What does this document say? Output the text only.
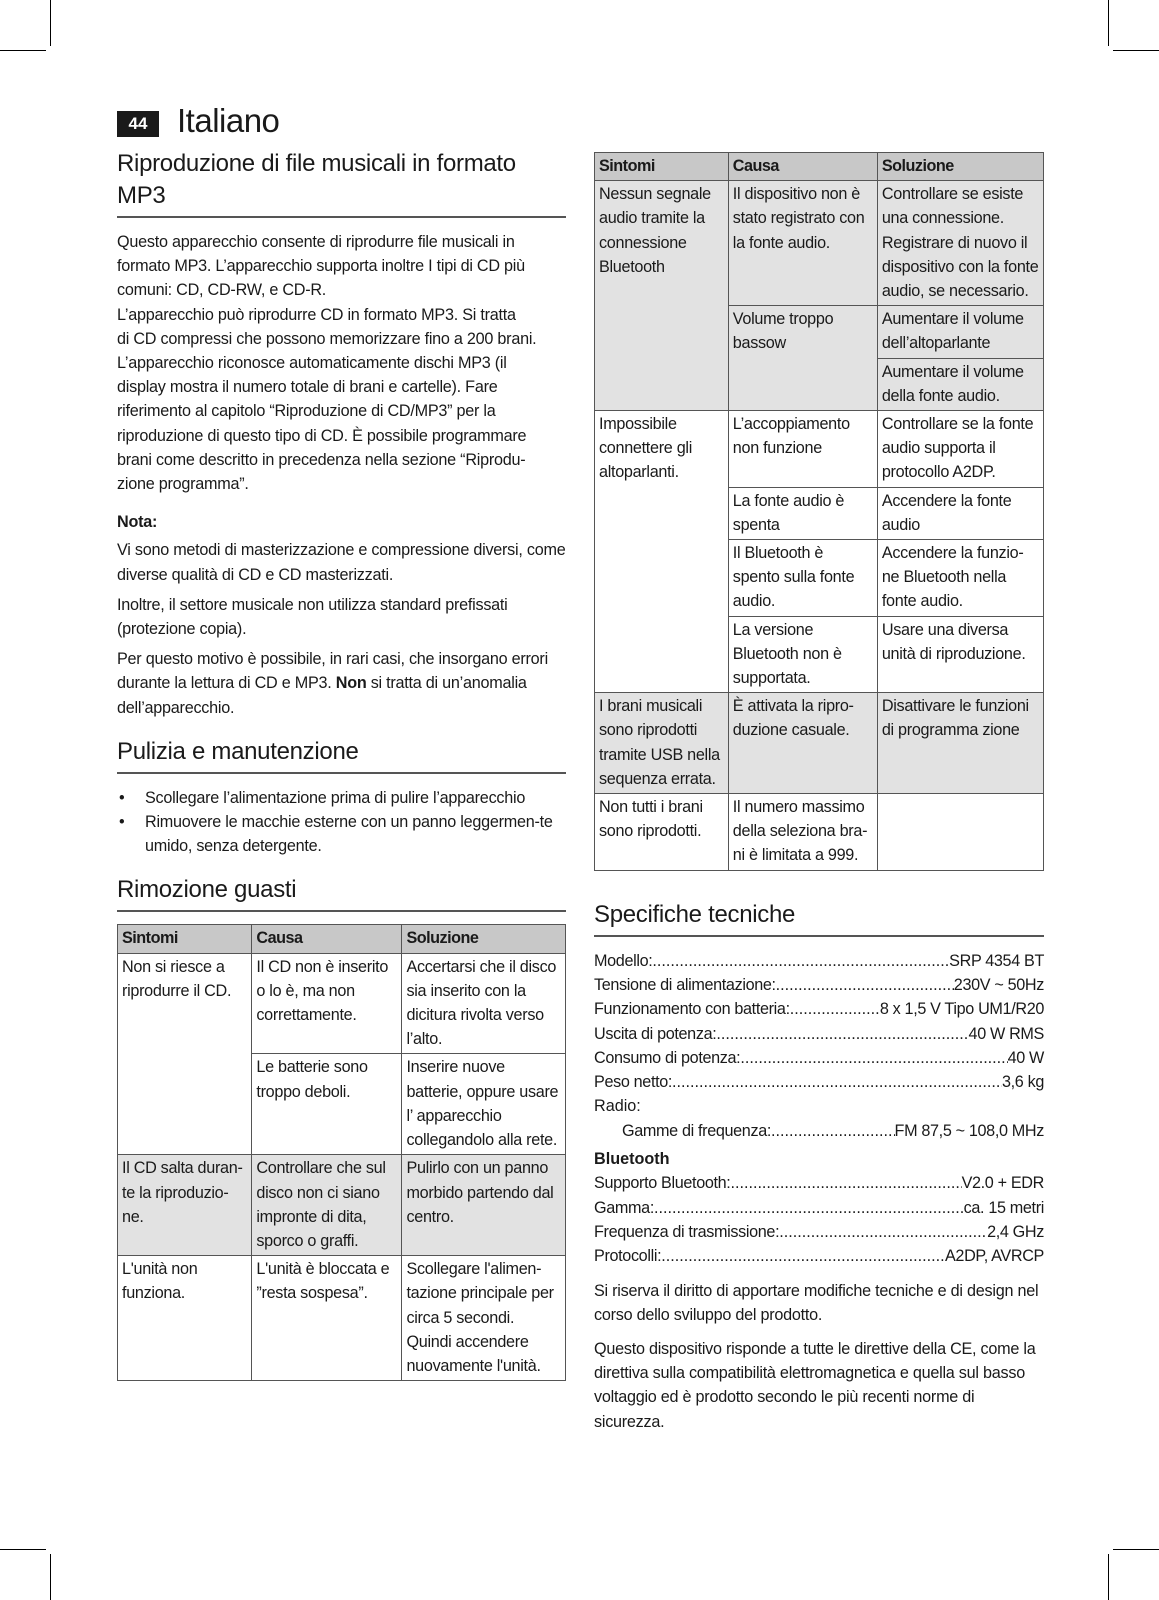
44 Italiano
Riproduzione di file musicali in formato MP3

Questo apparecchio consente di riprodurre file musicali in

formato MP3. L’apparecchio supporta inoltre I tipi di CD più

comuni: CD, CD-RW, e CD-R.

L’apparecchio può riprodurre CD in formato MP3. Si tratta

di CD compressi che possono memorizzare fino a 200 brani.

L’apparecchio riconosce automaticamente dischi MP3 (il

display mostra il numero totale di brani e cartelle). Fare

riferimento al capitolo “Riproduzione di CD/MP3” per la

riproduzione di questo tipo di CD. È possibile programmare

brani come descritto in precedenza nella sezione “Riprodu-

zione programma”.

Nota:

Vi sono metodi di masterizzazione e compressione diversi, come diverse qualità di CD e CD masterizzati.

Inoltre, il settore musicale non utilizza standard prefissati (protezione copia).

Per questo motivo è possibile, in rari casi, che insorgano errori durante la lettura di CD e MP3. Non si tratta di un’anomalia dell’apparecchio.

Pulizia e manutenzione
• Scollegare l’alimentazione prima di pulire l’apparecchio
• Rimuovere le macchie esterne con un panno leggermen-te umido, senza detergente.
Rimozione guasti
Sintomi	Causa	Soluzione
Non si riesce a riprodurre il CD.	Il CD non è inserito o lo è, ma non correttamente.	Accertarsi che il disco sia inserito con la dicitura rivolta verso l’alto.
	Le batterie sono troppo deboli.	Inserire nuove batterie, oppure usare l’ apparecchio collegandolo alla rete.
Il CD salta duran-te la riproduzio-ne.	Controllare che sul disco non ci siano impronte di dita, sporco o graffi.	Pulirlo con un panno morbido partendo dal centro.
L'unità non funziona.	L'unità è bloccata e ”resta sospesa”.	Scollegare l'alimen-tazione principale per circa 5 secondi. Quindi accendere nuovamente l'unità.
Sintomi	Causa	Soluzione
Nessun segnale audio tramite la connessione Bluetooth	Il dispositivo non è stato registrato con la fonte audio.	Controllare se esiste una connessione. Registrare di nuovo il dispositivo con la fonte audio, se necessario.
	Volume troppo bassow	Aumentare il volume dell’altoparlante
		Aumentare il volume della fonte audio.
Impossibile connettere gli altoparlanti.	L’accoppiamento non funzione	Controllare se la fonte audio supporta il protocollo A2DP.
	La fonte audio è spenta	Accendere la fonte audio
	Il Bluetooth è spento sulla fonte audio.	Accendere la funzio-ne Bluetooth nella fonte audio.
	La versione Bluetooth non è supportata.	Usare una diversa unità di riproduzione.
I brani musicali sono riprodotti tramite USB nella sequenza errata.	È attivata la ripro-duzione casuale.	Disattivare le funzioni di programma zione
Non tutti i brani sono riprodotti.	Il numero massimo della seleziona bra-ni è limitata a 999.	
Specifiche tecniche
Modello: .....	SRP 4354 BT
Tensione di alimentazione: .....	230V ~ 50Hz
Funzionamento con batteria: .....	8 x 1,5 V Tipo UM1/R20
Uscita di potenza: .....	40 W RMS
Consumo di potenza: .....	40 W
Peso netto: .....	3,6 kg
Radio:
Gamme di frequenza: .....	FM 87,5 ~ 108,0 MHz
Bluetooth
Supporto Bluetooth: .....	V2.0 + EDR
Gamma: .....	ca. 15 metri
Frequenza di trasmissione: .....	2,4 GHz
Protocolli: .....	A2DP, AVRCP

Si riserva il diritto di apportare modifiche tecniche e di design nel corso dello sviluppo del prodotto.

Questo dispositivo risponde a tutte le direttive della CE, come la direttiva sulla compatibilità elettromagnetica e quella sul basso voltaggio ed è prodotto secondo le più recenti norme di sicurezza.
